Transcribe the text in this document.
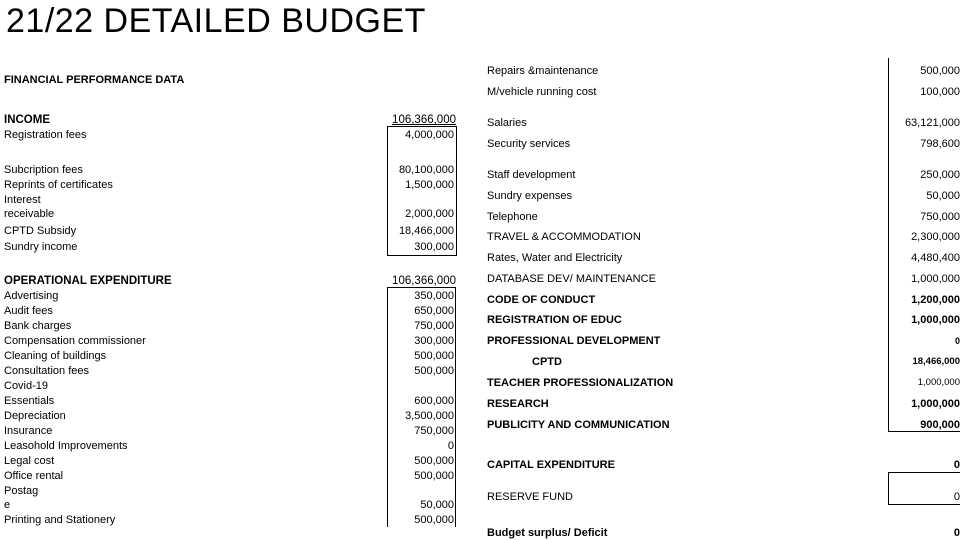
21/22 DETAILED BUDGET
FINANCIAL PERFORMANCE DATA
INCOME	106,366,000
Registration fees	4,000,000
Subcription fees	80,100,000
Reprints of certificates	1,500,000
Interest
receivable	2,000,000
CPTD Subsidy	18,466,000
Sundry income	300,000
OPERATIONAL EXPENDITURE	106,366,000
Advertising	350,000
Audit fees	650,000
Bank charges	750,000
Compensation commissioner	300,000
Cleaning of buildings	500,000
Consultation fees	500,000
Covid-19
Essentials	600,000
Depreciation	3,500,000
Insurance	750,000
Leasohold Improvements	0
Legal cost	500,000
Office rental	500,000
Postag
e	50,000
Printing and Stationery	500,000
Repairs &maintenance	500,000
M/vehicle running cost	100,000
Salaries	63,121,000
Security services	798,600
Staff development	250,000
Sundry expenses	50,000
Telephone	750,000
TRAVEL & ACCOMMODATION	2,300,000
Rates, Water and Electricity	4,480,400
DATABASE DEV/ MAINTENANCE	1,000,000
CODE OF CONDUCT	1,200,000
REGISTRATION OF EDUC	1,000,000
PROFESSIONAL DEVELOPMENT	0
CPTD	18,466,000
TEACHER PROFESSIONALIZATION	1,000,000
RESEARCH	1,000,000
PUBLICITY AND COMMUNICATION	900,000
CAPITAL EXPENDITURE	0
RESERVE FUND	0
Budget surplus/ Deficit	0
